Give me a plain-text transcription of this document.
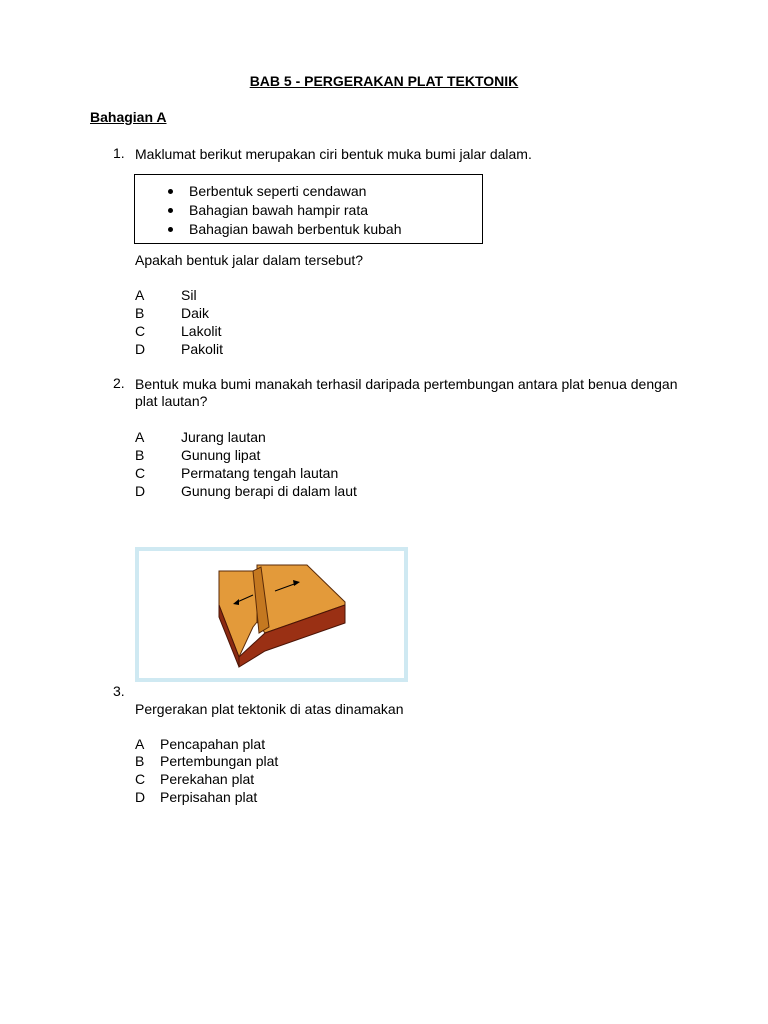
BAB 5 - PERGERAKAN PLAT TEKTONIK
Bahagian A
1. Maklumat berikut merupakan ciri bentuk muka bumi jalar dalam.
Berbentuk seperti cendawan
Bahagian bawah hampir rata
Bahagian bawah berbentuk kubah
Apakah bentuk jalar dalam tersebut?
A	Sil
B	Daik
C	Lakolit
D	Pakolit
2. Bentuk muka bumi manakah terhasil daripada pertembungan antara plat benua dengan
plat lautan?
A	Jurang lautan
B	Gunung lipat
C	Permatang tengah lautan
D	Gunung berapi di dalam laut
3.
Pergerakan plat tektonik di atas dinamakan
A Pencapahan plat
B Pertembungan plat
C Perekahan plat
D Perpisahan plat
